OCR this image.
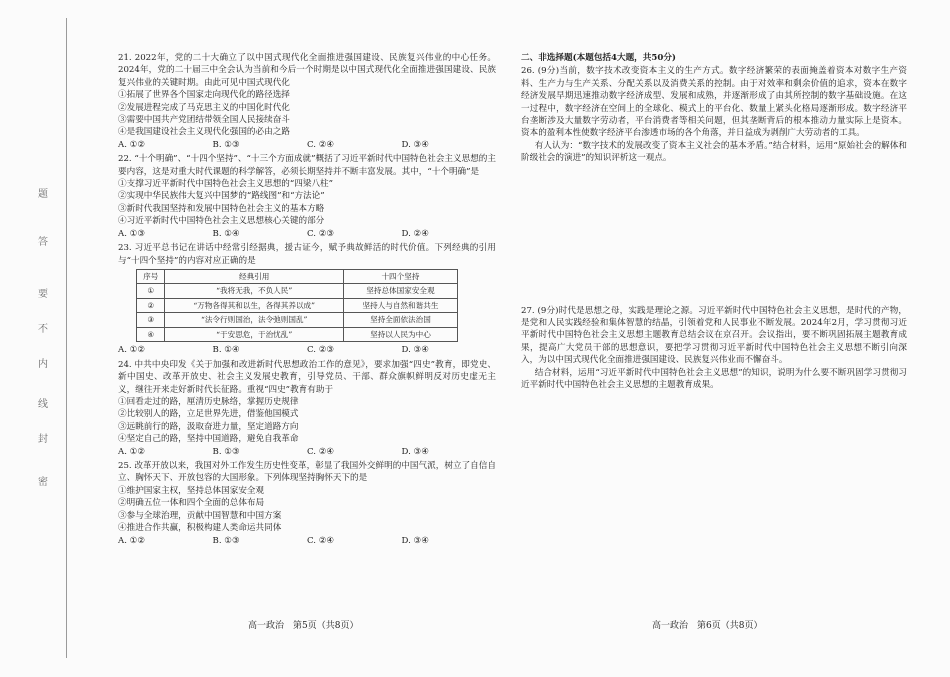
题
答
要
不
内
线
封
密

21. 2022年，党的二十大确立了以中国式现代化全面推进强国建设、民族复兴伟业的中心任务。2024年，党的二十届三中全会认为当前和今后一个时期是以中国式现代化全面推进强国建设、民族复兴伟业的关键时期。由此可见中国式现代化

①拓展了世界各个国家走向现代化的路径选择

②发展进程完成了马克思主义的中国化时代化

③需要中国共产党团结带领全国人民接续奋斗

④是我国建设社会主义现代化强国的必由之路

A. ①②	B. ①③	C. ②④	D. ③④

22. “十个明确”、“十四个坚持”、“十三个方面成就”概括了习近平新时代中国特色社会主义思想的主要内容，这是对重大时代课题的科学解答，必须长期坚持并不断丰富发展。其中，“十个明确”是

①支撑习近平新时代中国特色社会主义思想的“四梁八柱”

②实现中华民族伟大复兴中国梦的“路线图”和“方法论”

③新时代我国坚持和发展中国特色社会主义的基本方略

④习近平新时代中国特色社会主义思想核心关键的部分

A. ①③	B. ①④	C. ②③	D. ②④

23. 习近平总书记在讲话中经常引经据典，援古证今，赋予典故鲜活的时代价值。下列经典的引用与“十四个坚持”的内容对应正确的是

序号	经典引用	十四个坚持
①	“我将无我，不负人民”	坚持总体国家安全观
②	“万物各得其和以生，各得其养以成”	坚持人与自然和谐共生
③	“法令行则国治，法令弛则国乱”	坚持全面依法治国
④	“于安思危，于治忧乱”	坚持以人民为中心
A. ①②	B. ①④	C. ②③	D. ③④

24. 中共中央印发《关于加强和改进新时代思想政治工作的意见》，要求加强“四史”教育，即党史、新中国史、改革开放史、社会主义发展史教育，引导党员、干部、群众旗帜鲜明反对历史虚无主义，继往开来走好新时代长征路。重视“四史”教育有助于

①回看走过的路，厘清历史脉络，掌握历史规律

②比较别人的路，立足世界先进，借鉴他国模式

③远眺前行的路，汲取奋进力量，坚定道路方向

④坚定自己的路，坚持中国道路，避免自我革命

A. ①②	B. ①③	C. ②④	D. ③④

25. 改革开放以来，我国对外工作发生历史性变革，彰显了我国外交鲜明的中国气派，树立了自信自立、胸怀天下、开放包容的大国形象。下列体现坚持胸怀天下的是

①维护国家主权，坚持总体国家安全观

②明确五位一体和四个全面的总体布局

③参与全球治理，贡献中国智慧和中国方案

④推进合作共赢，积极构建人类命运共同体

A. ①②	B. ①③	C. ②④	D. ③④

二、非选择题(本题包括4大题，共50分)

26. (9分)当前，数字技术改变资本主义的生产方式。数字经济繁荣的表面掩盖着资本对数字生产资料、生产力与生产关系、分配关系以及消费关系的控制。由于对效率和剩余价值的追求，资本在数字经济发展早期迅速推动数字经济成型、发展和成熟，并逐渐形成了由其所控制的数字基础设施。在这一过程中，数字经济在空间上的全球化、模式上的平台化、数量上紧头化格局逐渐形成。数字经济平台垄断涉及大量数字劳动者，平台消费者等相关问题，但其垄断背后的根本推动力量实际上是资本。资本的盈利本性使数字经济平台渗透市场的各个角落，并日益成为剥削广大劳动者的工具。

有人认为：“数字技术的发展改变了资本主义社会的基本矛盾。”结合材料，运用“原始社会的解体和阶级社会的演进”的知识评析这一观点。

27. (9分)时代是思想之母，实践是理论之源。习近平新时代中国特色社会主义思想，是时代的产物，是党和人民实践经验和集体智慧的结晶，引领着党和人民事业不断发展。2024年2月，学习贯彻习近平新时代中国特色社会主义思想主题教育总结会议在京召开。会议指出，要不断巩固拓展主题教育成果，提高广大党员干部的思想意识，要把学习贯彻习近平新时代中国特色社会主义思想不断引向深入，为以中国式现代化全面推进强国建设、民族复兴伟业而不懈奋斗。

结合材料，运用“习近平新时代中国特色社会主义思想”的知识，说明为什么要不断巩固学习贯彻习近平新时代中国特色社会主义思想的主题教育成果。

高一政治　第5页（共8页）	高一政治　第6页（共8页）
